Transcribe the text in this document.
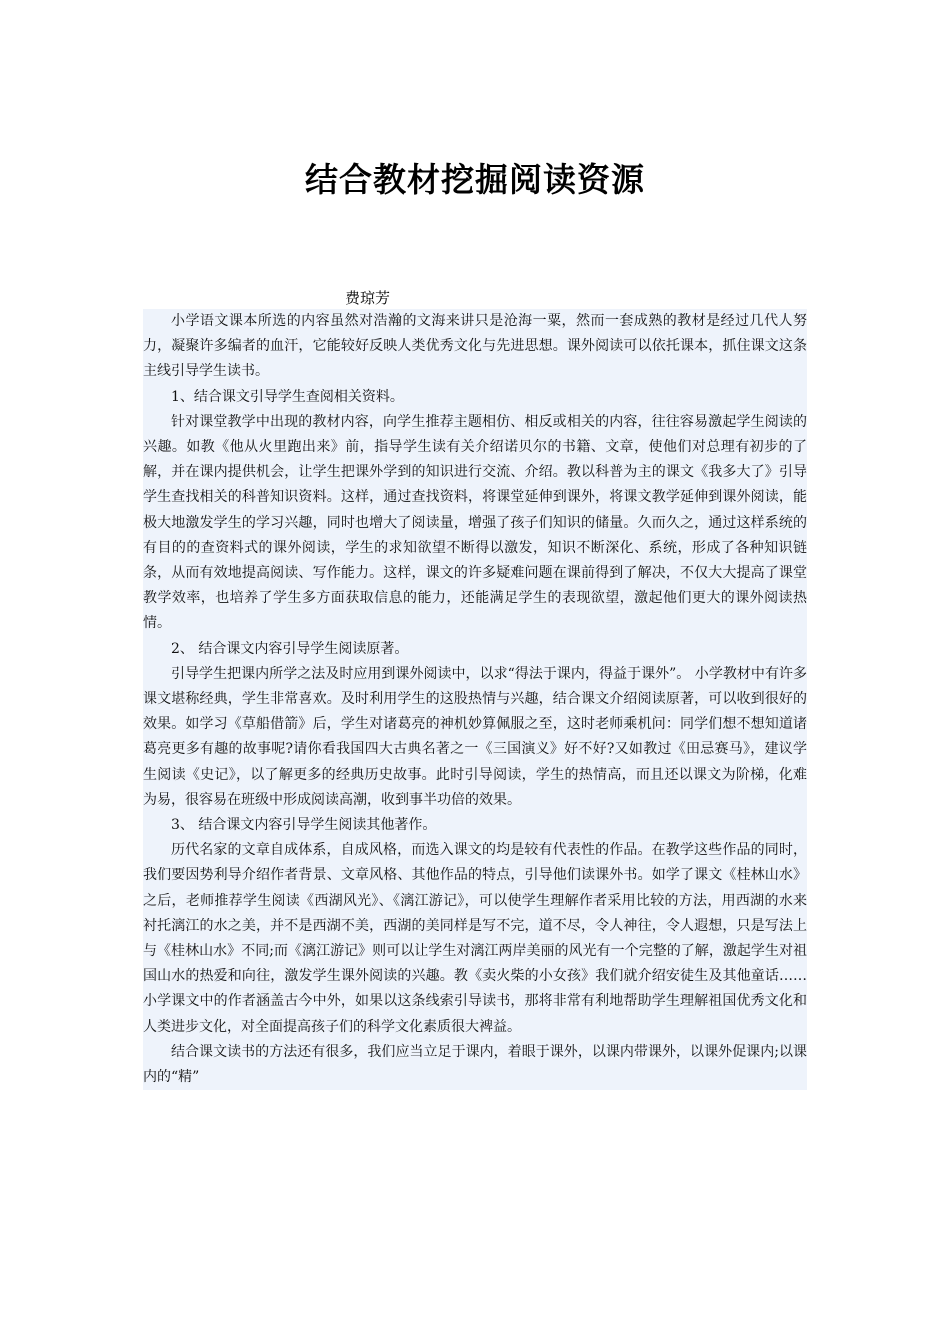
结合教材挖掘阅读资源
费琼芳

小学语文课本所选的内容虽然对浩瀚的文海来讲只是沧海一粟，然而一套成熟的教材是经过几代人努力，凝聚许多编者的血汗，它能较好反映人类优秀文化与先进思想。课外阅读可以依托课本，抓住课文这条主线引导学生读书。

1、结合课文引导学生查阅相关资料。

针对课堂教学中出现的教材内容，向学生推荐主题相仿、相反或相关的内容，往往容易激起学生阅读的兴趣。如教《他从火里跑出来》前，指导学生读有关介绍诺贝尔的书籍、文章，使他们对总理有初步的了解，并在课内提供机会，让学生把课外学到的知识进行交流、介绍。教以科普为主的课文《我多大了》引导学生查找相关的科普知识资料。这样，通过查找资料，将课堂延伸到课外，将课文教学延伸到课外阅读，能极大地激发学生的学习兴趣，同时也增大了阅读量，增强了孩子们知识的储量。久而久之，通过这样系统的有目的的查资料式的课外阅读，学生的求知欲望不断得以激发，知识不断深化、系统，形成了各种知识链条，从而有效地提高阅读、写作能力。这样，课文的许多疑难问题在课前得到了解决，不仅大大提高了课堂教学效率，也培养了学生多方面获取信息的能力，还能满足学生的表现欲望，激起他们更大的课外阅读热情。

2、 结合课文内容引导学生阅读原著。

引导学生把课内所学之法及时应用到课外阅读中，以求“得法于课内，得益于课外”。 小学教材中有许多课文堪称经典，学生非常喜欢。及时利用学生的这股热情与兴趣，结合课文介绍阅读原著，可以收到很好的效果。如学习《草船借箭》后，学生对诸葛亮的神机妙算佩服之至，这时老师乘机问：同学们想不想知道诸葛亮更多有趣的故事呢?请你看我国四大古典名著之一《三国演义》好不好?又如教过《田忌赛马》，建议学生阅读《史记》，以了解更多的经典历史故事。此时引导阅读，学生的热情高，而且还以课文为阶梯，化难为易，很容易在班级中形成阅读高潮，收到事半功倍的效果。

3、 结合课文内容引导学生阅读其他著作。

历代名家的文章自成体系，自成风格，而选入课文的均是较有代表性的作品。在教学这些作品的同时，我们要因势利导介绍作者背景、文章风格、其他作品的特点，引导他们读课外书。如学了课文《桂林山水》之后，老师推荐学生阅读《西湖风光》、《漓江游记》，可以使学生理解作者采用比较的方法，用西湖的水来衬托漓江的水之美，并不是西湖不美，西湖的美同样是写不完，道不尽，令人神往，令人遐想，只是写法上与《桂林山水》不同;而《漓江游记》则可以让学生对漓江两岸美丽的风光有一个完整的了解，激起学生对祖国山水的热爱和向往，激发学生课外阅读的兴趣。教《卖火柴的小女孩》我们就介绍安徒生及其他童话……小学课文中的作者涵盖古今中外，如果以这条线索引导读书，那将非常有利地帮助学生理解祖国优秀文化和人类进步文化，对全面提高孩子们的科学文化素质很大裨益。

结合课文读书的方法还有很多，我们应当立足于课内，着眼于课外，以课内带课外，以课外促课内;以课内的“精”
